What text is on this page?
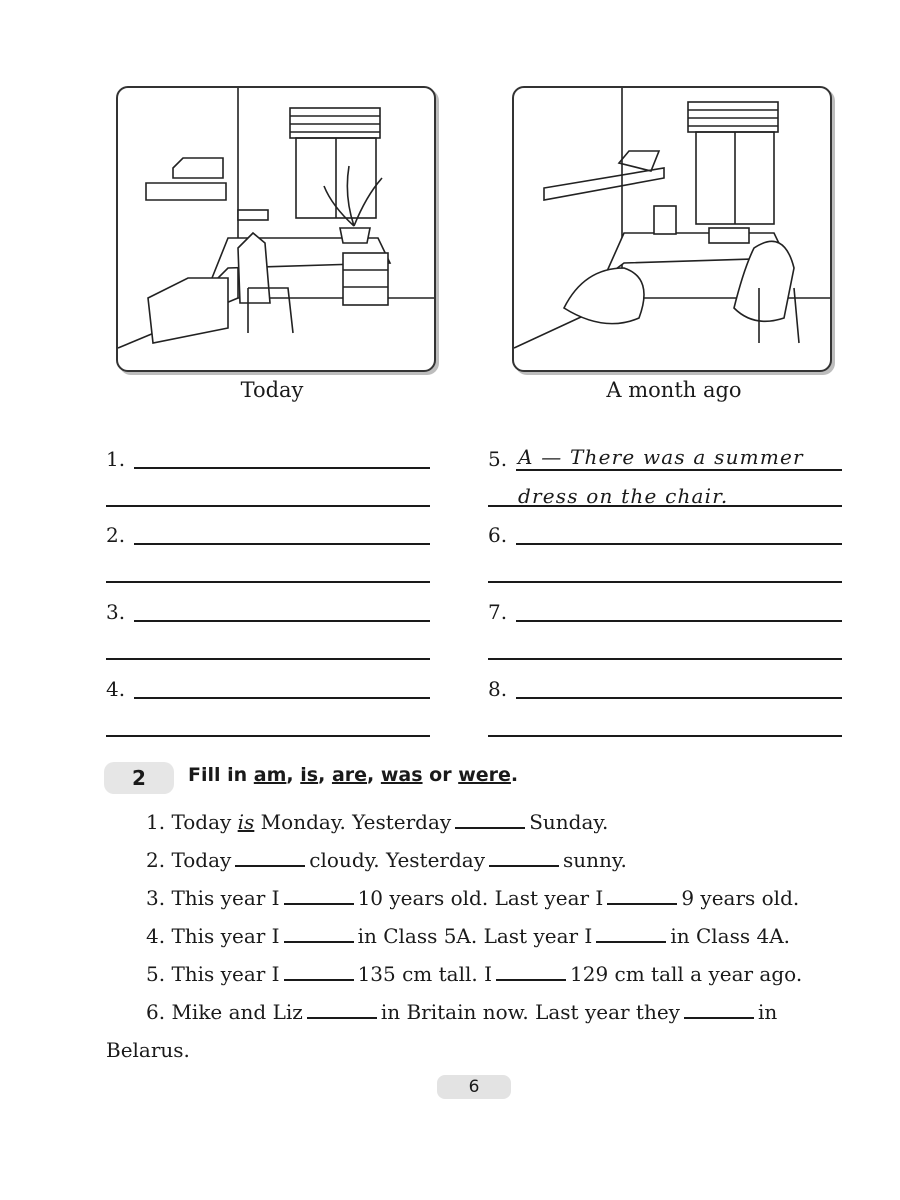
Today	A month ago
1.
2.
3.
4.
5. A — There was a summer
dress on the chair.
6.
7.
8.
2	Fill in am, is, are, was or were.
1. Today is Monday. Yesterday	Sunday.
2. Today	cloudy. Yesterday	sunny.
3. This year I	10 years old. Last year I	9 years old.
4. This year I	in Class 5A. Last year I	in Class 4A.
5. This year I	135 cm tall. I	129 cm tall a year ago.
6. Mike and Liz	in Britain now. Last year they	in
Belarus.
6
